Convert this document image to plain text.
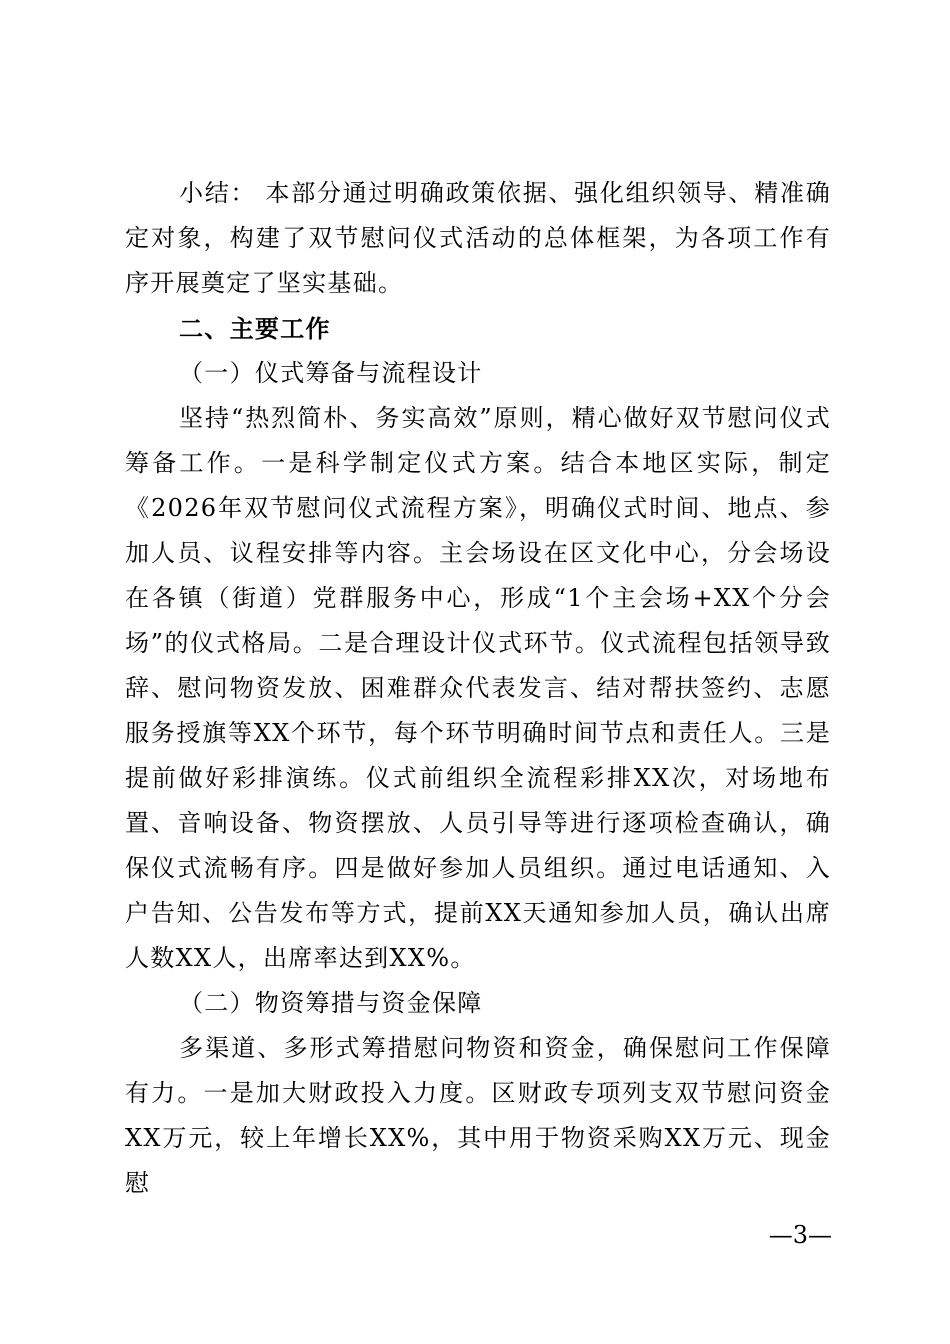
小结： 本部分通过明确政策依据、强化组织领导、精准确定对象，构建了双节慰问仪式活动的总体框架，为各项工作有序开展奠定了坚实基础。

二、主要工作

（一）仪式筹备与流程设计

坚持“热烈简朴、务实高效”原则，精心做好双节慰问仪式筹备工作。一是科学制定仪式方案。结合本地区实际，制定《2026年双节慰问仪式流程方案》，明确仪式时间、地点、参加人员、议程安排等内容。主会场设在区文化中心，分会场设在各镇（街道）党群服务中心，形成“1个主会场+XX个分会场”的仪式格局。二是合理设计仪式环节。仪式流程包括领导致辞、慰问物资发放、困难群众代表发言、结对帮扶签约、志愿服务授旗等XX个环节，每个环节明确时间节点和责任人。三是提前做好彩排演练。仪式前组织全流程彩排XX次，对场地布置、音响设备、物资摆放、人员引导等进行逐项检查确认，确保仪式流畅有序。四是做好参加人员组织。通过电话通知、入户告知、公告发布等方式，提前XX天通知参加人员，确认出席人数XX人，出席率达到XX%。

（二）物资筹措与资金保障

多渠道、多形式筹措慰问物资和资金，确保慰问工作保障有力。一是加大财政投入力度。区财政专项列支双节慰问资金XX万元，较上年增长XX%，其中用于物资采购XX万元、现金慰

—3—
